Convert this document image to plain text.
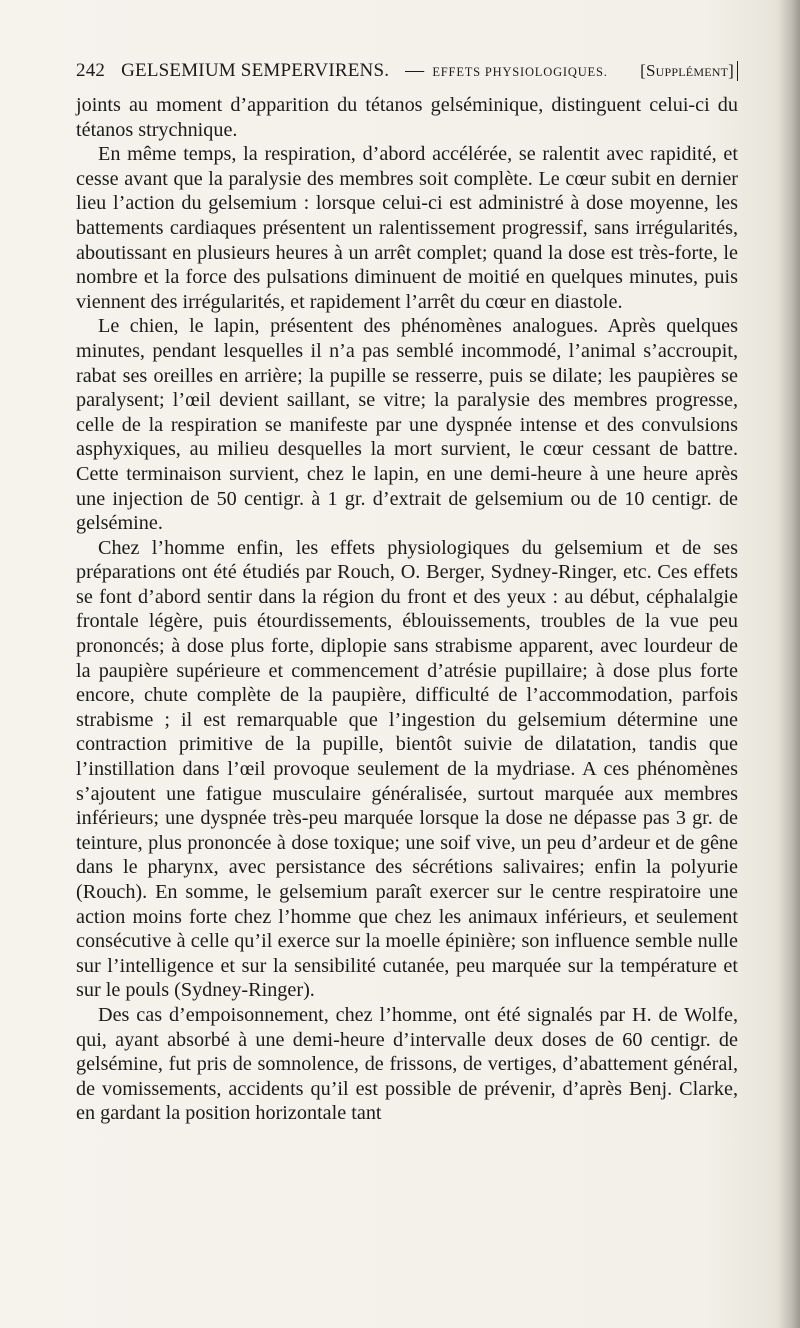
242 GELSEMIUM SEMPERVIRENS. — EFFETS PHYSIOLOGIQUES. [Supplément]

joints au moment d’apparition du tétanos gelséminique, distinguent celui-ci du tétanos strychnique.

En même temps, la respiration, d’abord accélérée, se ralentit avec rapidité, et cesse avant que la paralysie des membres soit complète. Le cœur subit en dernier lieu l’action du gelsemium : lorsque celui-ci est administré à dose moyenne, les battements cardiaques présentent un ralentissement progressif, sans irrégularités, aboutissant en plusieurs heures à un arrêt complet; quand la dose est très-forte, le nombre et la force des pulsations diminuent de moitié en quelques minutes, puis viennent des irrégularités, et rapidement l’arrêt du cœur en diastole.

Le chien, le lapin, présentent des phénomènes analogues. Après quelques minutes, pendant lesquelles il n’a pas semblé incommodé, l’animal s’accroupit, rabat ses oreilles en arrière; la pupille se resserre, puis se dilate; les paupières se paralysent; l’œil devient saillant, se vitre; la paralysie des membres progresse, celle de la respiration se manifeste par une dyspnée intense et des convulsions asphyxiques, au milieu desquelles la mort survient, le cœur cessant de battre. Cette terminaison survient, chez le lapin, en une demi-heure à une heure après une injection de 50 centigr. à 1 gr. d’extrait de gelsemium ou de 10 centigr. de gelsémine.

Chez l’homme enfin, les effets physiologiques du gelsemium et de ses préparations ont été étudiés par Rouch, O. Berger, Sydney-Ringer, etc. Ces effets se font d’abord sentir dans la région du front et des yeux : au début, céphalalgie frontale légère, puis étourdissements, éblouissements, troubles de la vue peu prononcés; à dose plus forte, diplopie sans strabisme apparent, avec lourdeur de la paupière supérieure et commencement d’atrésie pupillaire; à dose plus forte encore, chute complète de la paupière, difficulté de l’accommodation, parfois strabisme ; il est remarquable que l’ingestion du gelsemium détermine une contraction primitive de la pupille, bientôt suivie de dilatation, tandis que l’instillation dans l’œil provoque seulement de la mydriase. A ces phénomènes s’ajoutent une fatigue musculaire généralisée, surtout marquée aux membres inférieurs; une dyspnée très-peu marquée lorsque la dose ne dépasse pas 3 gr. de teinture, plus prononcée à dose toxique; une soif vive, un peu d’ardeur et de gêne dans le pharynx, avec persistance des sécrétions salivaires; enfin la polyurie (Rouch). En somme, le gelsemium paraît exercer sur le centre respiratoire une action moins forte chez l’homme que chez les animaux inférieurs, et seulement consécutive à celle qu’il exerce sur la moelle épinière; son influence semble nulle sur l’intelligence et sur la sensibilité cutanée, peu marquée sur la température et sur le pouls (Sydney-Ringer).

Des cas d’empoisonnement, chez l’homme, ont été signalés par H. de Wolfe, qui, ayant absorbé à une demi-heure d’intervalle deux doses de 60 centigr. de gelsémine, fut pris de somnolence, de frissons, de vertiges, d’abattement général, de vomissements, accidents qu’il est possible de prévenir, d’après Benj. Clarke, en gardant la position horizontale tant
